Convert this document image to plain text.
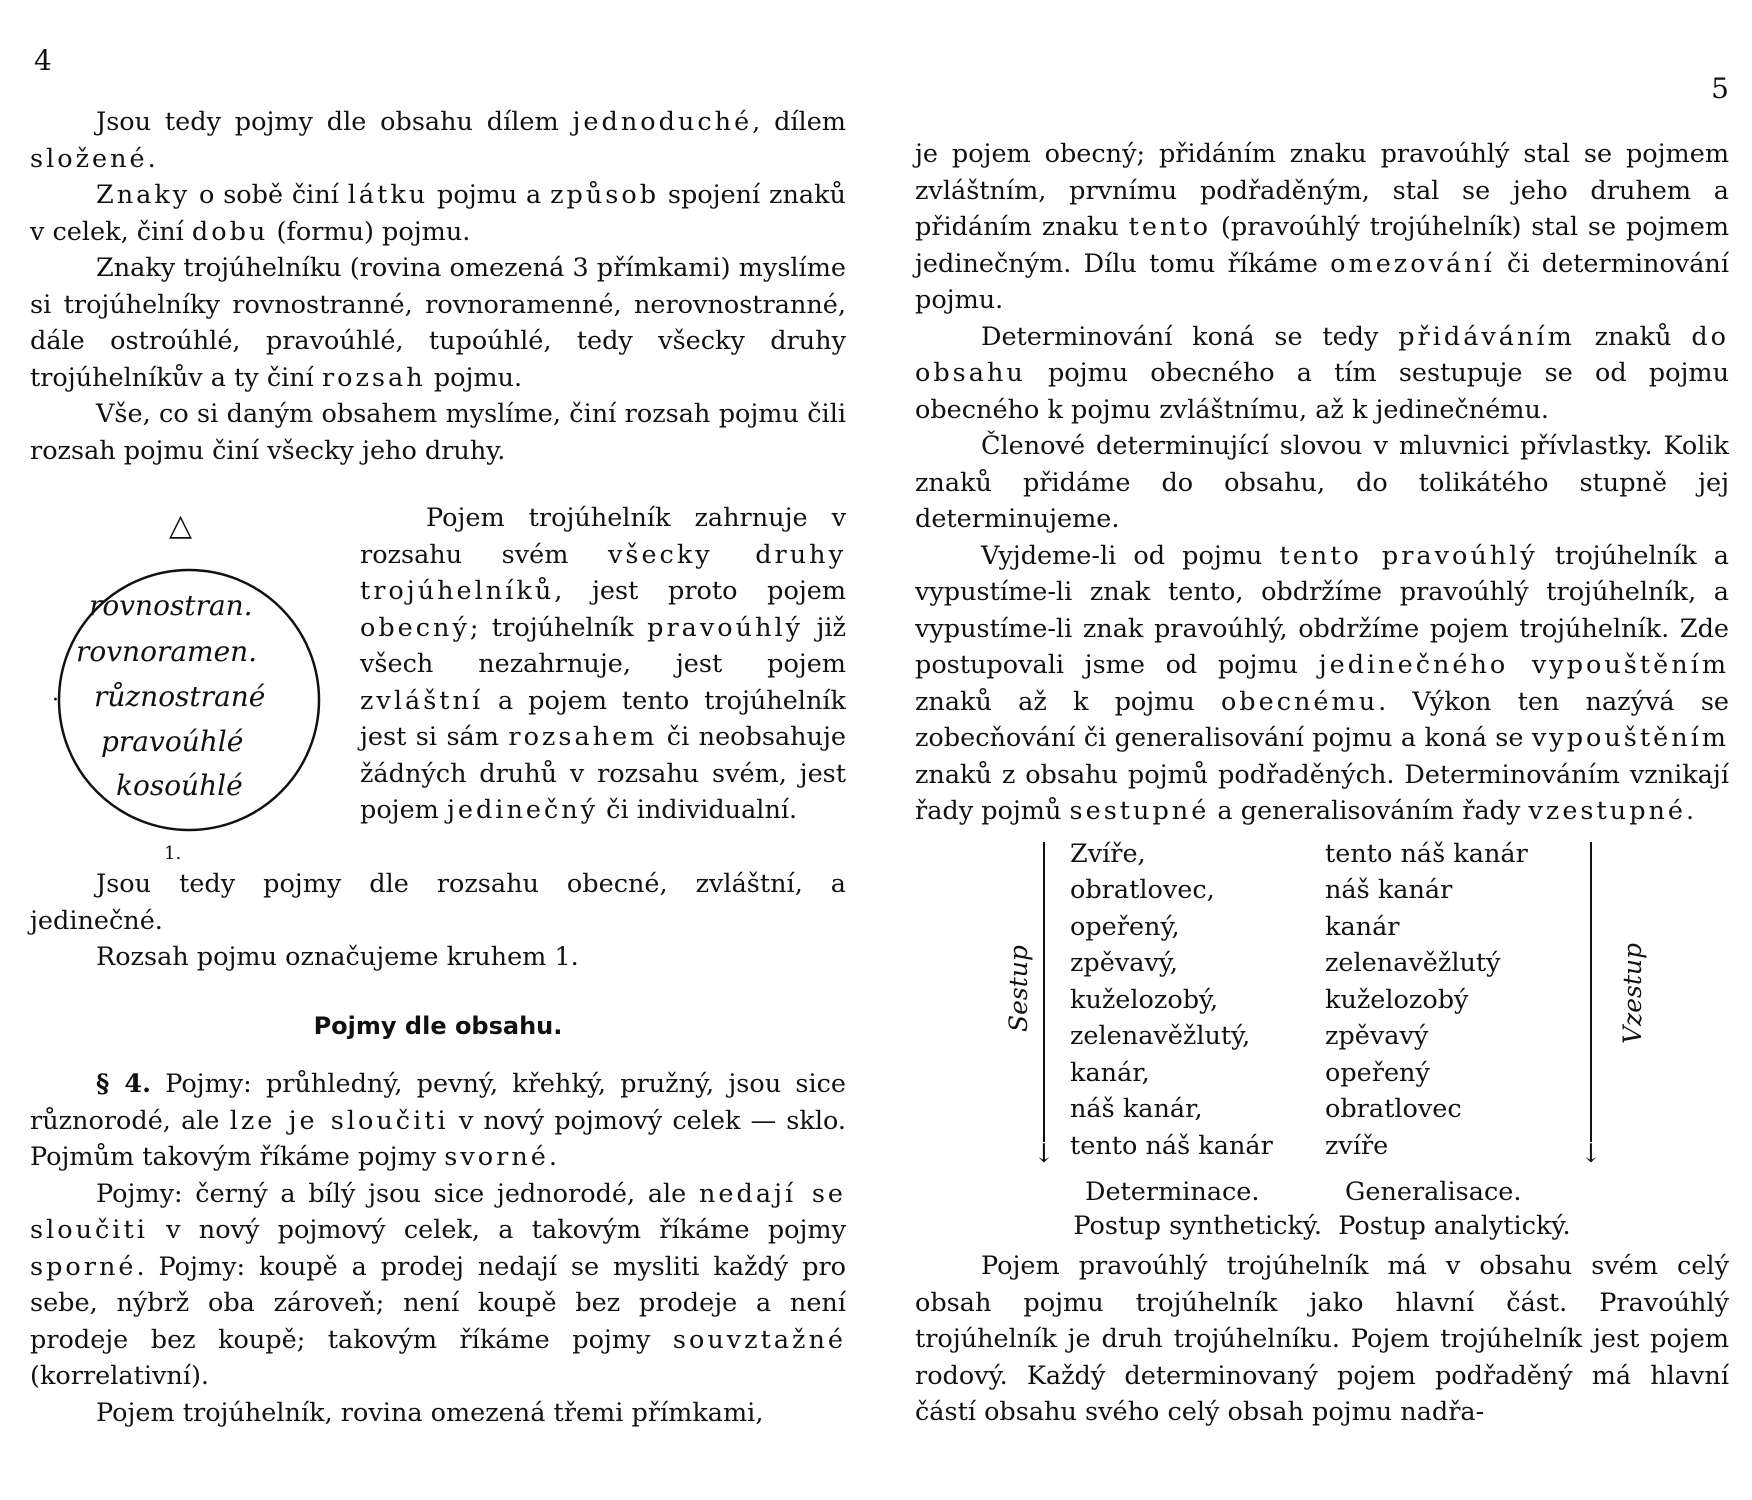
4

Jsou tedy pojmy dle obsahu dílem jednoduché, dílem složené.

Znaky o sobě činí látku pojmu a způsob spojení znaků v celek, činí dobu (formu) pojmu.

Znaky trojúhelníku (rovina omezená 3 přímkami) myslíme si trojúhelníky rovnostranné, rovnoramenné, nerovnostranné, dále ostroúhlé, pravoúhlé, tupoúhlé, tedy všecky druhy trojúhelníkův a ty činí rozsah pojmu.

Vše, co si daným obsahem myslíme, činí rozsah pojmu čili rozsah pojmu činí všecky jeho druhy.

△
·
rovnostran.
rovnoramen.
různostrané
pravoúhlé
kosoúhlé
1.

Pojem trojúhelník zahrnuje v rozsahu svém všecky druhy trojúhelníků, jest proto pojem obecný; trojúhelník pravoúhlý již všech nezahrnuje, jest pojem zvláštní a pojem tento trojúhelník jest si sám rozsahem či neobsahuje žádných druhů v rozsahu svém, jest pojem jedinečný či individualní.

Jsou tedy pojmy dle rozsahu obecné, zvláštní, a jedinečné.

Rozsah pojmu označujeme kruhem 1.

Pojmy dle obsahu.

§ 4. Pojmy: průhledný, pevný, křehký, pružný, jsou sice různorodé, ale lze je sloučiti v nový pojmový celek — sklo. Pojmům takovým říkáme pojmy svorné.

Pojmy: černý a bílý jsou sice jednorodé, ale nedají se sloučiti v nový pojmový celek, a takovým říkáme pojmy sporné. Pojmy: koupě a prodej nedají se mysliti každý pro sebe, nýbrž oba zároveň; není koupě bez prodeje a není prodeje bez koupě; takovým říkáme pojmy souvztažné (korrelativní).

Pojem trojúhelník, rovina omezená třemi přímkami,

5

je pojem obecný; přidáním znaku pravoúhlý stal se pojmem zvláštním, prvnímu podřaděným, stal se jeho druhem a přidáním znaku tento (pravoúhlý trojúhelník) stal se pojmem jedinečným. Dílu tomu říkáme omezování či determinování pojmu.

Determinování koná se tedy přidáváním znaků do obsahu pojmu obecného a tím sestupuje se od pojmu obecného k pojmu zvláštnímu, až k jedinečnému.

Členové determinující slovou v mluvnici přívlastky. Kolik znaků přidáme do obsahu, do tolikátého stupně jej determinujeme.

Vyjdeme-li od pojmu tento pravoúhlý trojúhelník a vypustíme-li znak tento, obdržíme pravoúhlý trojúhelník, a vypustíme-li znak pravoúhlý, obdržíme pojem trojúhelník. Zde postupovali jsme od pojmu jedinečného vypouštěním znaků až k pojmu obecnému. Výkon ten nazývá se zobecňování či generalisování pojmu a koná se vypouštěním znaků z obsahu pojmů podřaděných. Determinováním vznikají řady pojmů sestupné a generalisováním řady vzestupné.

↓
Sestup
Zvíře,
obratlovec,
opeřený,
zpěvavý,
kuželozobý,
zelenavěžlutý,
kanár,
náš kanár,
tento náš kanár
tento náš kanár
náš kanár
kanár
zelenavěžlutý
kuželozobý
zpěvavý
opeřený
obratlovec
zvíře	↓
Vzestup
Determinace.	Generalisace.
Postup synthetický.  Postup analytický.

Pojem pravoúhlý trojúhelník má v obsahu svém celý obsah pojmu trojúhelník jako hlavní část. Pravoúhlý trojúhelník je druh trojúhelníku. Pojem trojúhelník jest pojem rodový. Každý determinovaný pojem podřaděný má hlavní částí obsahu svého celý obsah pojmu nadřa-
